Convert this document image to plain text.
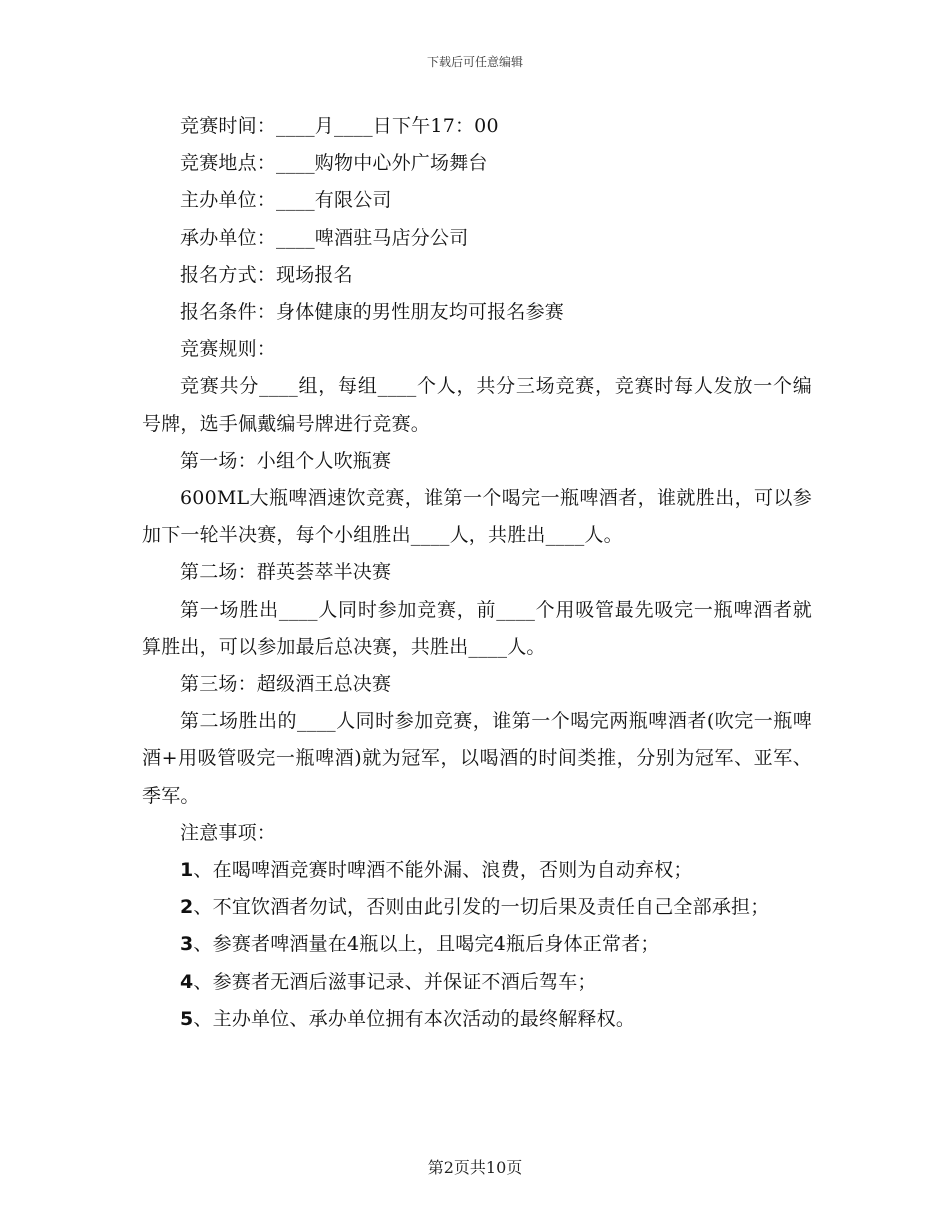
下载后可任意编辑

竞赛时间：____月____日下午17：00

竞赛地点：____购物中心外广场舞台

主办单位：____有限公司

承办单位：____啤酒驻马店分公司

报名方式：现场报名

报名条件：身体健康的男性朋友均可报名参赛

竞赛规则：

竞赛共分____组，每组____个人，共分三场竞赛，竞赛时每人发放一个编号牌，选手佩戴编号牌进行竞赛。

第一场：小组个人吹瓶赛

600ML大瓶啤酒速饮竞赛，谁第一个喝完一瓶啤酒者，谁就胜出，可以参加下一轮半决赛，每个小组胜出____人，共胜出____人。

第二场：群英荟萃半决赛

第一场胜出____人同时参加竞赛，前____个用吸管最先吸完一瓶啤酒者就算胜出，可以参加最后总决赛，共胜出____人。

第三场：超级酒王总决赛

第二场胜出的____人同时参加竞赛，谁第一个喝完两瓶啤酒者(吹完一瓶啤酒+用吸管吸完一瓶啤酒)就为冠军，以喝酒的时间类推，分别为冠军、亚军、季军。

注意事项：

1、在喝啤酒竞赛时啤酒不能外漏、浪费，否则为自动弃权；

2、不宜饮酒者勿试，否则由此引发的一切后果及责任自己全部承担；

3、参赛者啤酒量在4瓶以上，且喝完4瓶后身体正常者；

4、参赛者无酒后滋事记录、并保证不酒后驾车；

5、主办单位、承办单位拥有本次活动的最终解释权。

第2页共10页
